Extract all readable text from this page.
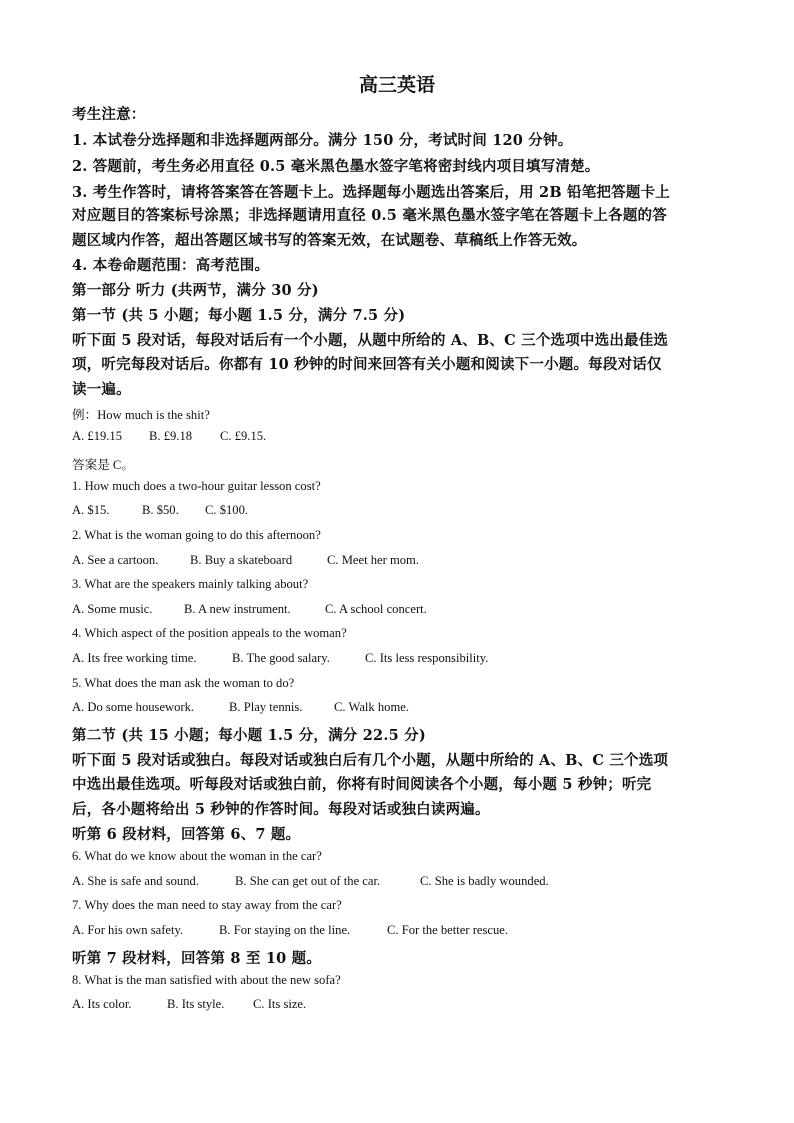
高三英语
考生注意：
1. 本试卷分选择题和非选择题两部分。满分 150 分，考试时间 120 分钟。
2. 答题前，考生务必用直径 0.5 毫米黑色墨水签字笔将密封线内项目填写清楚。
3. 考生作答时，请将答案答在答题卡上。选择题每小题选出答案后，用 2B 铅笔把答题卡上
对应题目的答案标号涂黑；非选择题请用直径 0.5 毫米黑色墨水签字笔在答题卡上各题的答
题区域内作答，超出答题区域书写的答案无效，在试题卷、草稿纸上作答无效。
4. 本卷命题范围：高考范围。
第一部分 听力 (共两节，满分 30 分)
第一节 (共 5 小题；每小题 1.5 分，满分 7.5 分)
听下面 5 段对话，每段对话后有一个小题，从题中所给的 A、B、C 三个选项中选出最佳选
项，听完每段对话后。你都有 10 秒钟的时间来回答有关小题和阅读下一小题。每段对话仅
读一遍。
例：How much is the shit?
A. £19.15 B. £9.18 C. £9.15.
答案是 C。
1. How much does a two-hour guitar lesson cost?
A. $15.	B. $50. C. $100.
2. What is the woman going to do this afternoon?
A. See a cartoon.	B. Buy a skateboard	C. Meet her mom.
3. What are the speakers mainly talking about?
A. Some music.	B. A new instrument.	C. A school concert.
4. Which aspect of the position appeals to the woman?
A. Its free working time.	B. The good salary.	C. Its less responsibility.
5. What does the man ask the woman to do?
A. Do some housework.	B. Play tennis.	C. Walk home.
第二节 (共 15 小题；每小题 1.5 分，满分 22.5 分)
听下面 5 段对话或独白。每段对话或独白后有几个小题，从题中所给的 A、B、C 三个选项
中选出最佳选项。听每段对话或独白前，你将有时间阅读各个小题，每小题 5 秒钟；听完
后，各小题将给出 5 秒钟的作答时间。每段对话或独白读两遍。
听第 6 段材料，回答第 6、7 题。
6. What do we know about the woman in the car?
A. She is safe and sound.	B. She can get out of the car.	C. She is badly wounded.
7. Why does the man need to stay away from the car?
A. For his own safety.	B. For staying on the line.	C. For the better rescue.
听第 7 段材料，回答第 8 至 10 题。
8. What is the man satisfied with about the new sofa?
A. Its color.	B. Its style. C. Its size.
